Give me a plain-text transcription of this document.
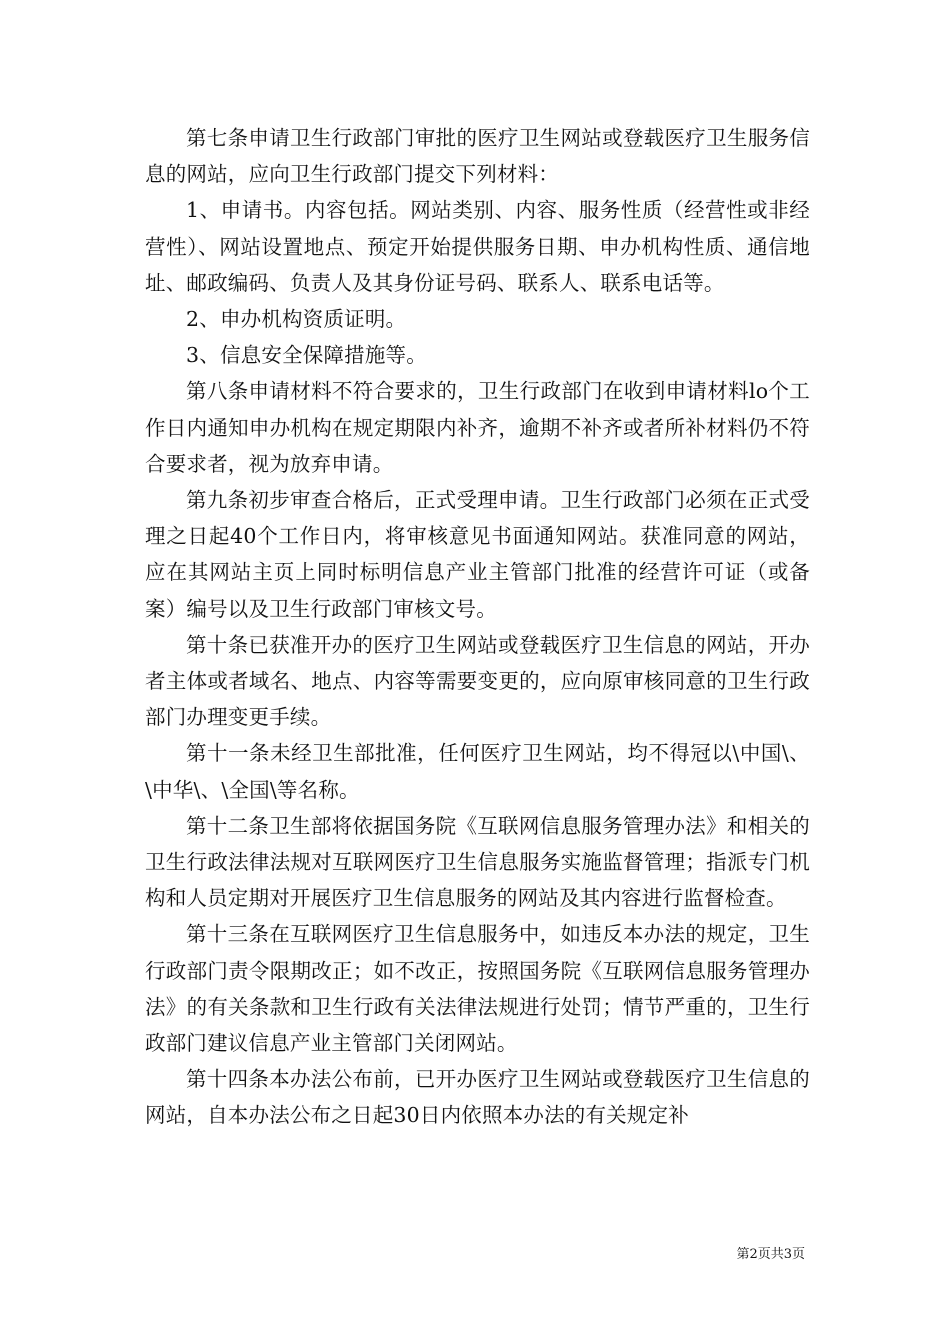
第七条申请卫生行政部门审批的医疗卫生网站或登载医疗卫生服务信息的网站，应向卫生行政部门提交下列材料：

1、申请书。内容包括。网站类别、内容、服务性质（经营性或非经营性）、网站设置地点、预定开始提供服务日期、申办机构性质、通信地址、邮政编码、负责人及其身份证号码、联系人、联系电话等。

2、申办机构资质证明。

3、信息安全保障措施等。

第八条申请材料不符合要求的，卫生行政部门在收到申请材料lo个工作日内通知申办机构在规定期限内补齐，逾期不补齐或者所补材料仍不符合要求者，视为放弃申请。

第九条初步审查合格后，正式受理申请。卫生行政部门必须在正式受理之日起40个工作日内，将审核意见书面通知网站。获准同意的网站，应在其网站主页上同时标明信息产业主管部门批准的经营许可证（或备案）编号以及卫生行政部门审核文号。

第十条已获准开办的医疗卫生网站或登载医疗卫生信息的网站，开办者主体或者域名、地点、内容等需要变更的，应向原审核同意的卫生行政部门办理变更手续。

第十一条未经卫生部批准，任何医疗卫生网站，均不得冠以\中国\、\中华\、\全国\等名称。

第十二条卫生部将依据国务院《互联网信息服务管理办法》和相关的卫生行政法律法规对互联网医疗卫生信息服务实施监督管理；指派专门机构和人员定期对开展医疗卫生信息服务的网站及其内容进行监督检查。

第十三条在互联网医疗卫生信息服务中，如违反本办法的规定，卫生行政部门责令限期改正；如不改正，按照国务院《互联网信息服务管理办法》的有关条款和卫生行政有关法律法规进行处罚；情节严重的，卫生行政部门建议信息产业主管部门关闭网站。

第十四条本办法公布前，已开办医疗卫生网站或登载医疗卫生信息的网站，自本办法公布之日起30日内依照本办法的有关规定补

第2页共3页
